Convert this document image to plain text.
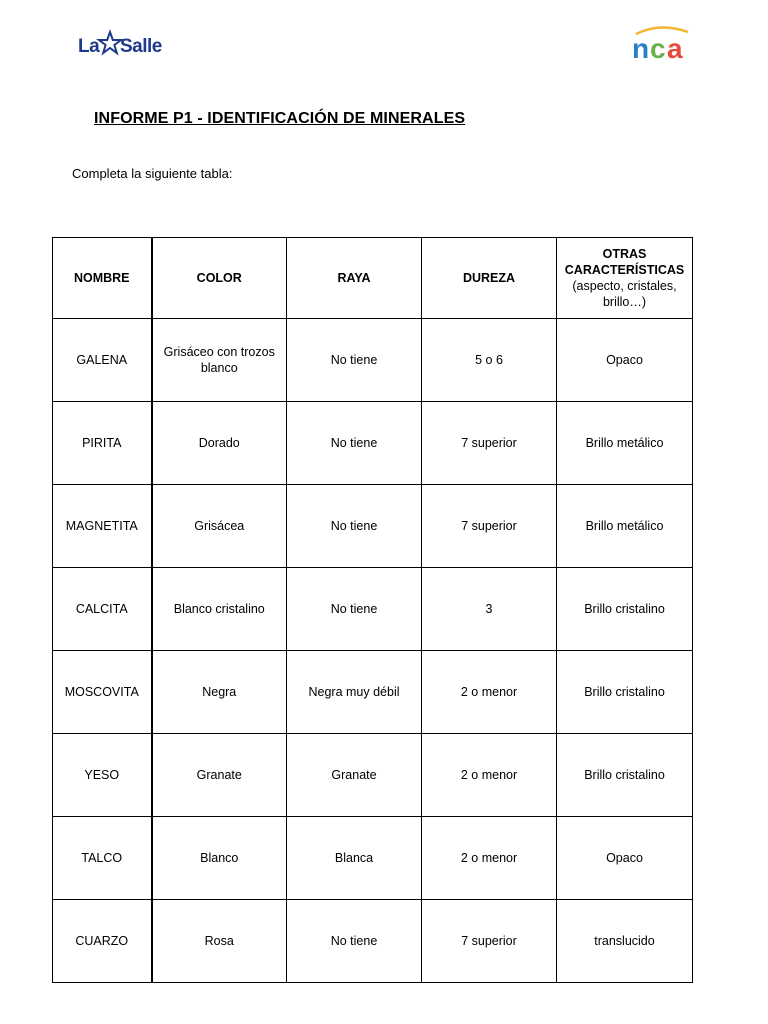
La Salle	n c a
INFORME P1 - IDENTIFICACIÓN DE MINERALES
Completa la siguiente tabla:
NOMBRE	COLOR	RAYA	DUREZA	OTRAS CARACTERÍSTICAS
(aspecto, cristales, brillo…)

GALENA	Grisáceo con trozos blanco	No tiene	5 o 6	Opaco
PIRITA	Dorado	No tiene	7 superior	Brillo metálico
MAGNETITA	Grisácea	No tiene	7 superior	Brillo metálico
CALCITA	Blanco cristalino	No tiene	3	Brillo cristalino
MOSCOVITA	Negra	Negra muy débil	2 o menor	Brillo cristalino
YESO	Granate	Granate	2 o menor	Brillo cristalino
TALCO	Blanco	Blanca	2 o menor	Opaco
CUARZO	Rosa	No tiene	7 superior	translucido
